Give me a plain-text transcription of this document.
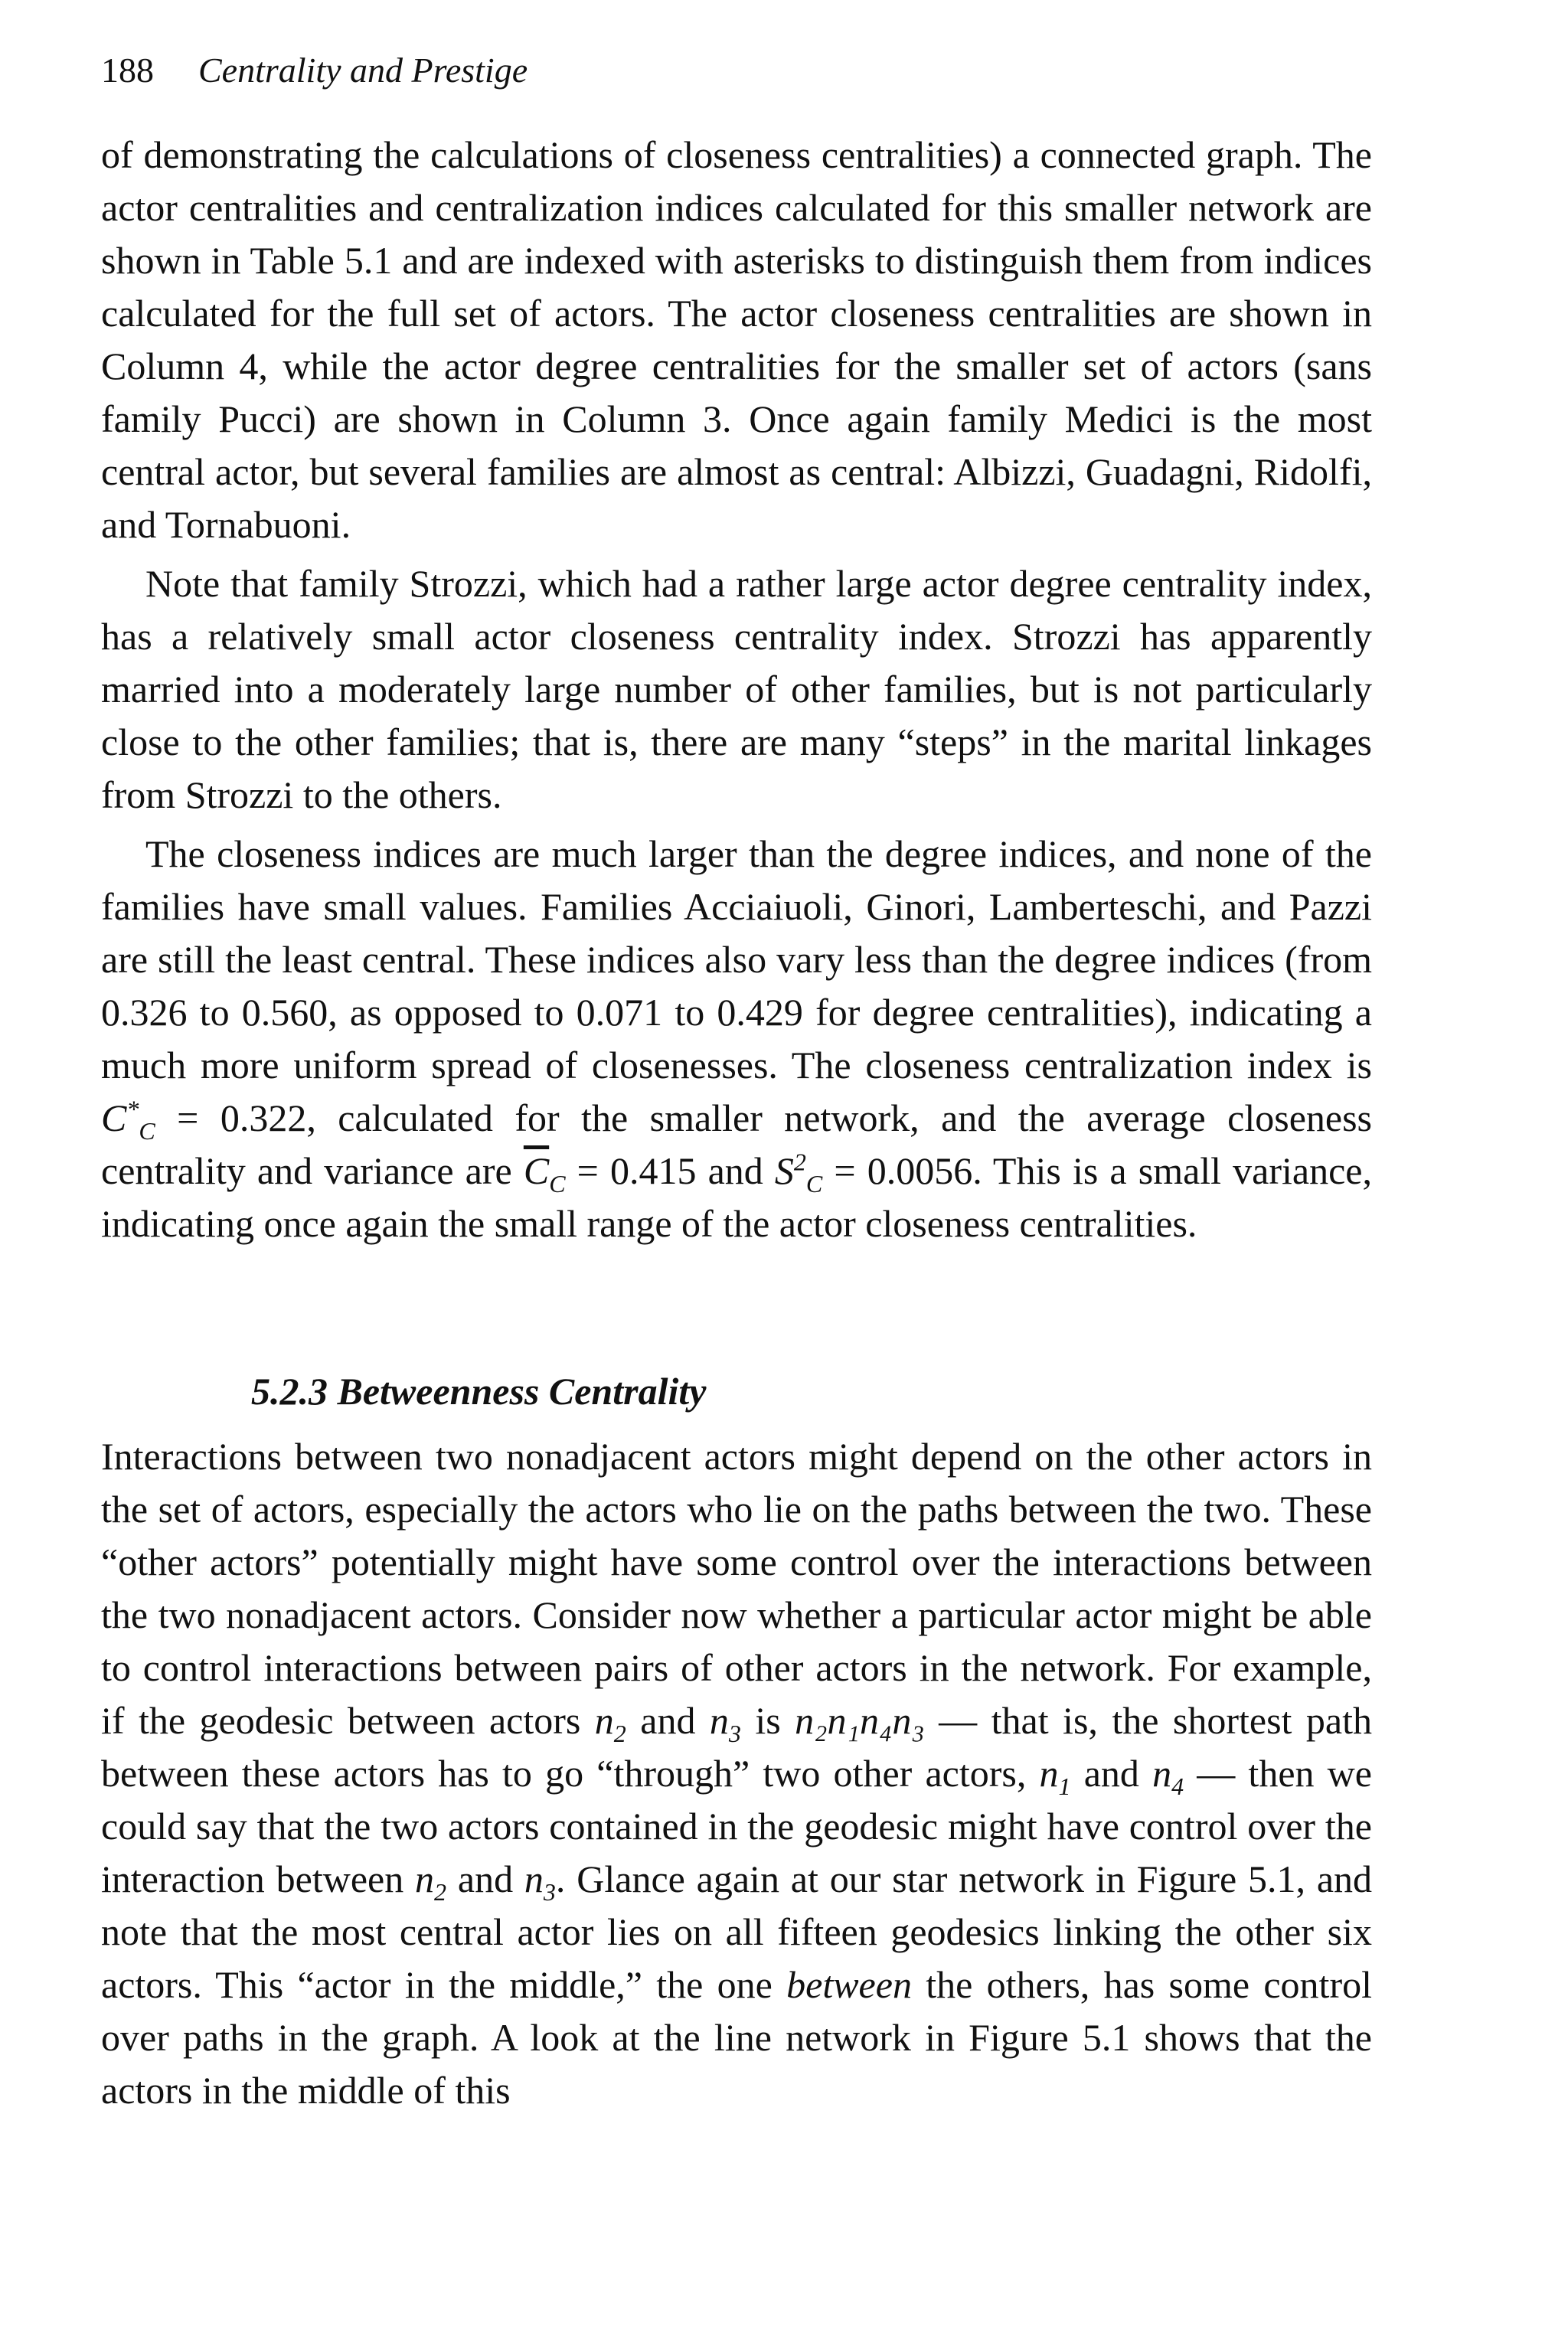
188 Centrality and Prestige

of demonstrating the calculations of closeness centralities) a connected graph. The actor centralities and centralization indices calculated for this smaller network are shown in Table 5.1 and are indexed with asterisks to distinguish them from indices calculated for the full set of actors. The actor closeness centralities are shown in Column 4, while the actor degree centralities for the smaller set of actors (sans family Pucci) are shown in Column 3. Once again family Medici is the most central actor, but several families are almost as central: Albizzi, Guadagni, Ridolfi, and Tornabuoni.

Note that family Strozzi, which had a rather large actor degree centrality index, has a relatively small actor closeness centrality index. Strozzi has apparently married into a moderately large number of other families, but is not particularly close to the other families; that is, there are many “steps” in the marital linkages from Strozzi to the others.

The closeness indices are much larger than the degree indices, and none of the families have small values. Families Acciaiuoli, Ginori, Lamberteschi, and Pazzi are still the least central. These indices also vary less than the degree indices (from 0.326 to 0.560, as opposed to 0.071 to 0.429 for degree centralities), indicating a much more uniform spread of closenesses. The closeness centralization index is $C^*_C = 0.322$, calculated for the smaller network, and the average closeness centrality and variance are $\overline{C}_C = 0.415$ and $S^2_C = 0.0056$. This is a small variance, indicating once again the small range of the actor closeness centralities.

5.2.3 Betweenness Centrality

Interactions between two nonadjacent actors might depend on the other actors in the set of actors, especially the actors who lie on the paths between the two. These “other actors” potentially might have some control over the interactions between the two nonadjacent actors. Consider now whether a particular actor might be able to control interactions between pairs of other actors in the network. For example, if the geodesic between actors $n_2$ and $n_3$ is n₂n₁n₄n₃ — that is, the shortest path between these actors has to go “through” two other actors, $n_1$ and $n_4$ — then we could say that the two actors contained in the geodesic might have control over the interaction between $n_2$ and $n_3$. Glance again at our star network in Figure 5.1, and note that the most central actor lies on all fifteen geodesics linking the other six actors. This “actor in the middle,” the one between the others, has some control over paths in the graph. A look at the line network in Figure 5.1 shows that the actors in the middle of this
